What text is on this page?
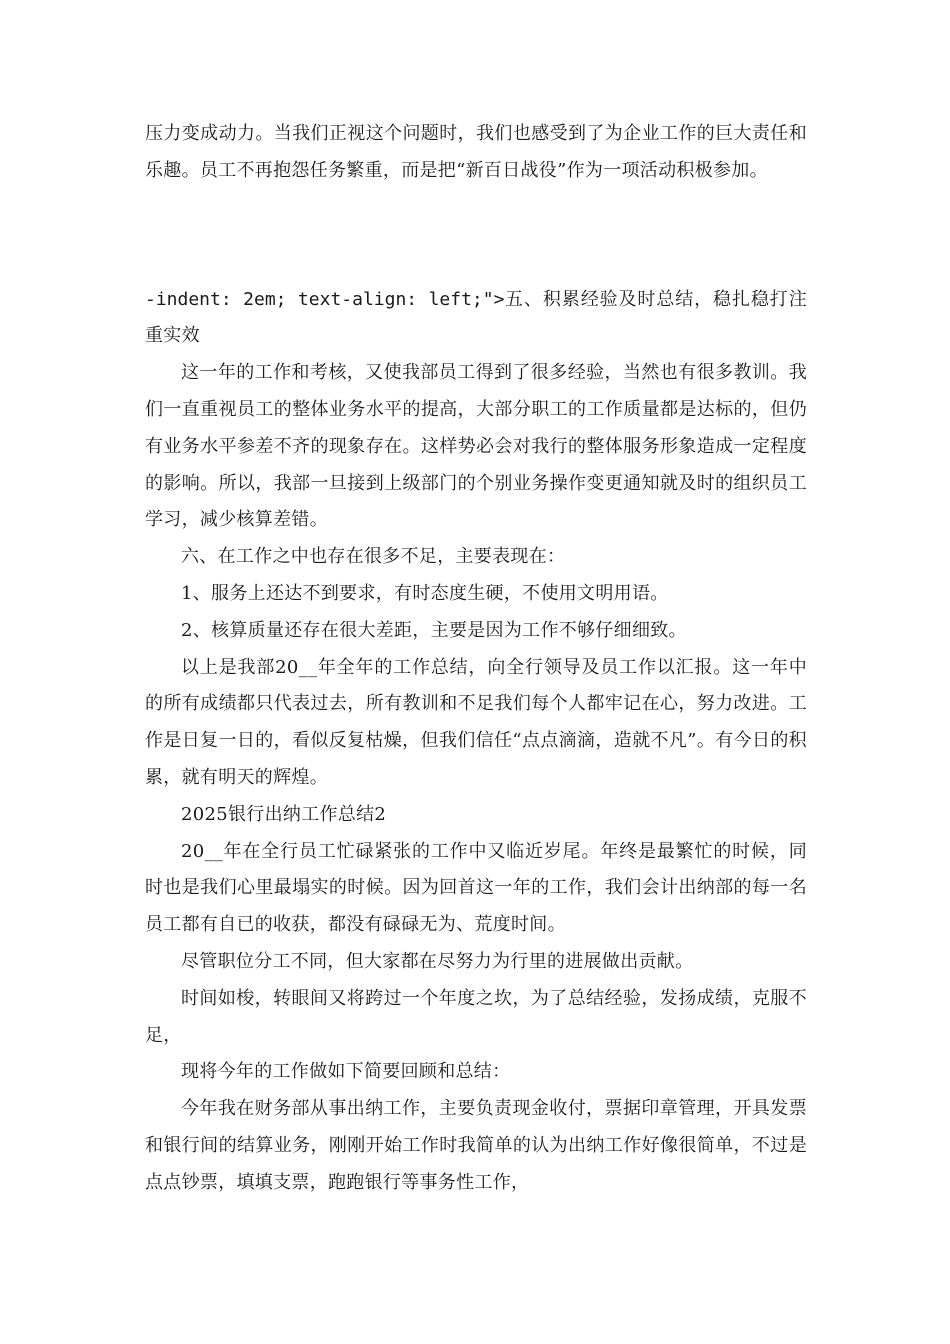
压力变成动力。当我们正视这个问题时，我们也感受到了为企业工作的巨大责任和乐趣。员工不再抱怨任务繁重，而是把“新百日战役”作为一项活动积极参加。

-indent: 2em; text-align: left;">五、积累经验及时总结，稳扎稳打注重实效

这一年的工作和考核，又使我部员工得到了很多经验，当然也有很多教训。我们一直重视员工的整体业务水平的提高，大部分职工的工作质量都是达标的，但仍有业务水平参差不齐的现象存在。这样势必会对我行的整体服务形象造成一定程度的影响。所以，我部一旦接到上级部门的个别业务操作变更通知就及时的组织员工学习，减少核算差错。

六、在工作之中也存在很多不足，主要表现在：

1、服务上还达不到要求，有时态度生硬，不使用文明用语。

2、核算质量还存在很大差距，主要是因为工作不够仔细细致。

以上是我部20__年全年的工作总结，向全行领导及员工作以汇报。这一年中的所有成绩都只代表过去，所有教训和不足我们每个人都牢记在心，努力改进。工作是日复一日的，看似反复枯燥，但我们信任“点点滴滴，造就不凡”。有今日的积累，就有明天的辉煌。

2025银行出纳工作总结2

20__年在全行员工忙碌紧张的工作中又临近岁尾。年终是最繁忙的时候，同时也是我们心里最塌实的时候。因为回首这一年的工作，我们会计出纳部的每一名员工都有自已的收获，都没有碌碌无为、荒度时间。

尽管职位分工不同，但大家都在尽努力为行里的进展做出贡献。

时间如梭，转眼间又将跨过一个年度之坎，为了总结经验，发扬成绩，克服不足，

现将今年的工作做如下简要回顾和总结：

今年我在财务部从事出纳工作，主要负责现金收付，票据印章管理，开具发票和银行间的结算业务，刚刚开始工作时我简单的认为出纳工作好像很简单，不过是点点钞票，填填支票，跑跑银行等事务性工作，
